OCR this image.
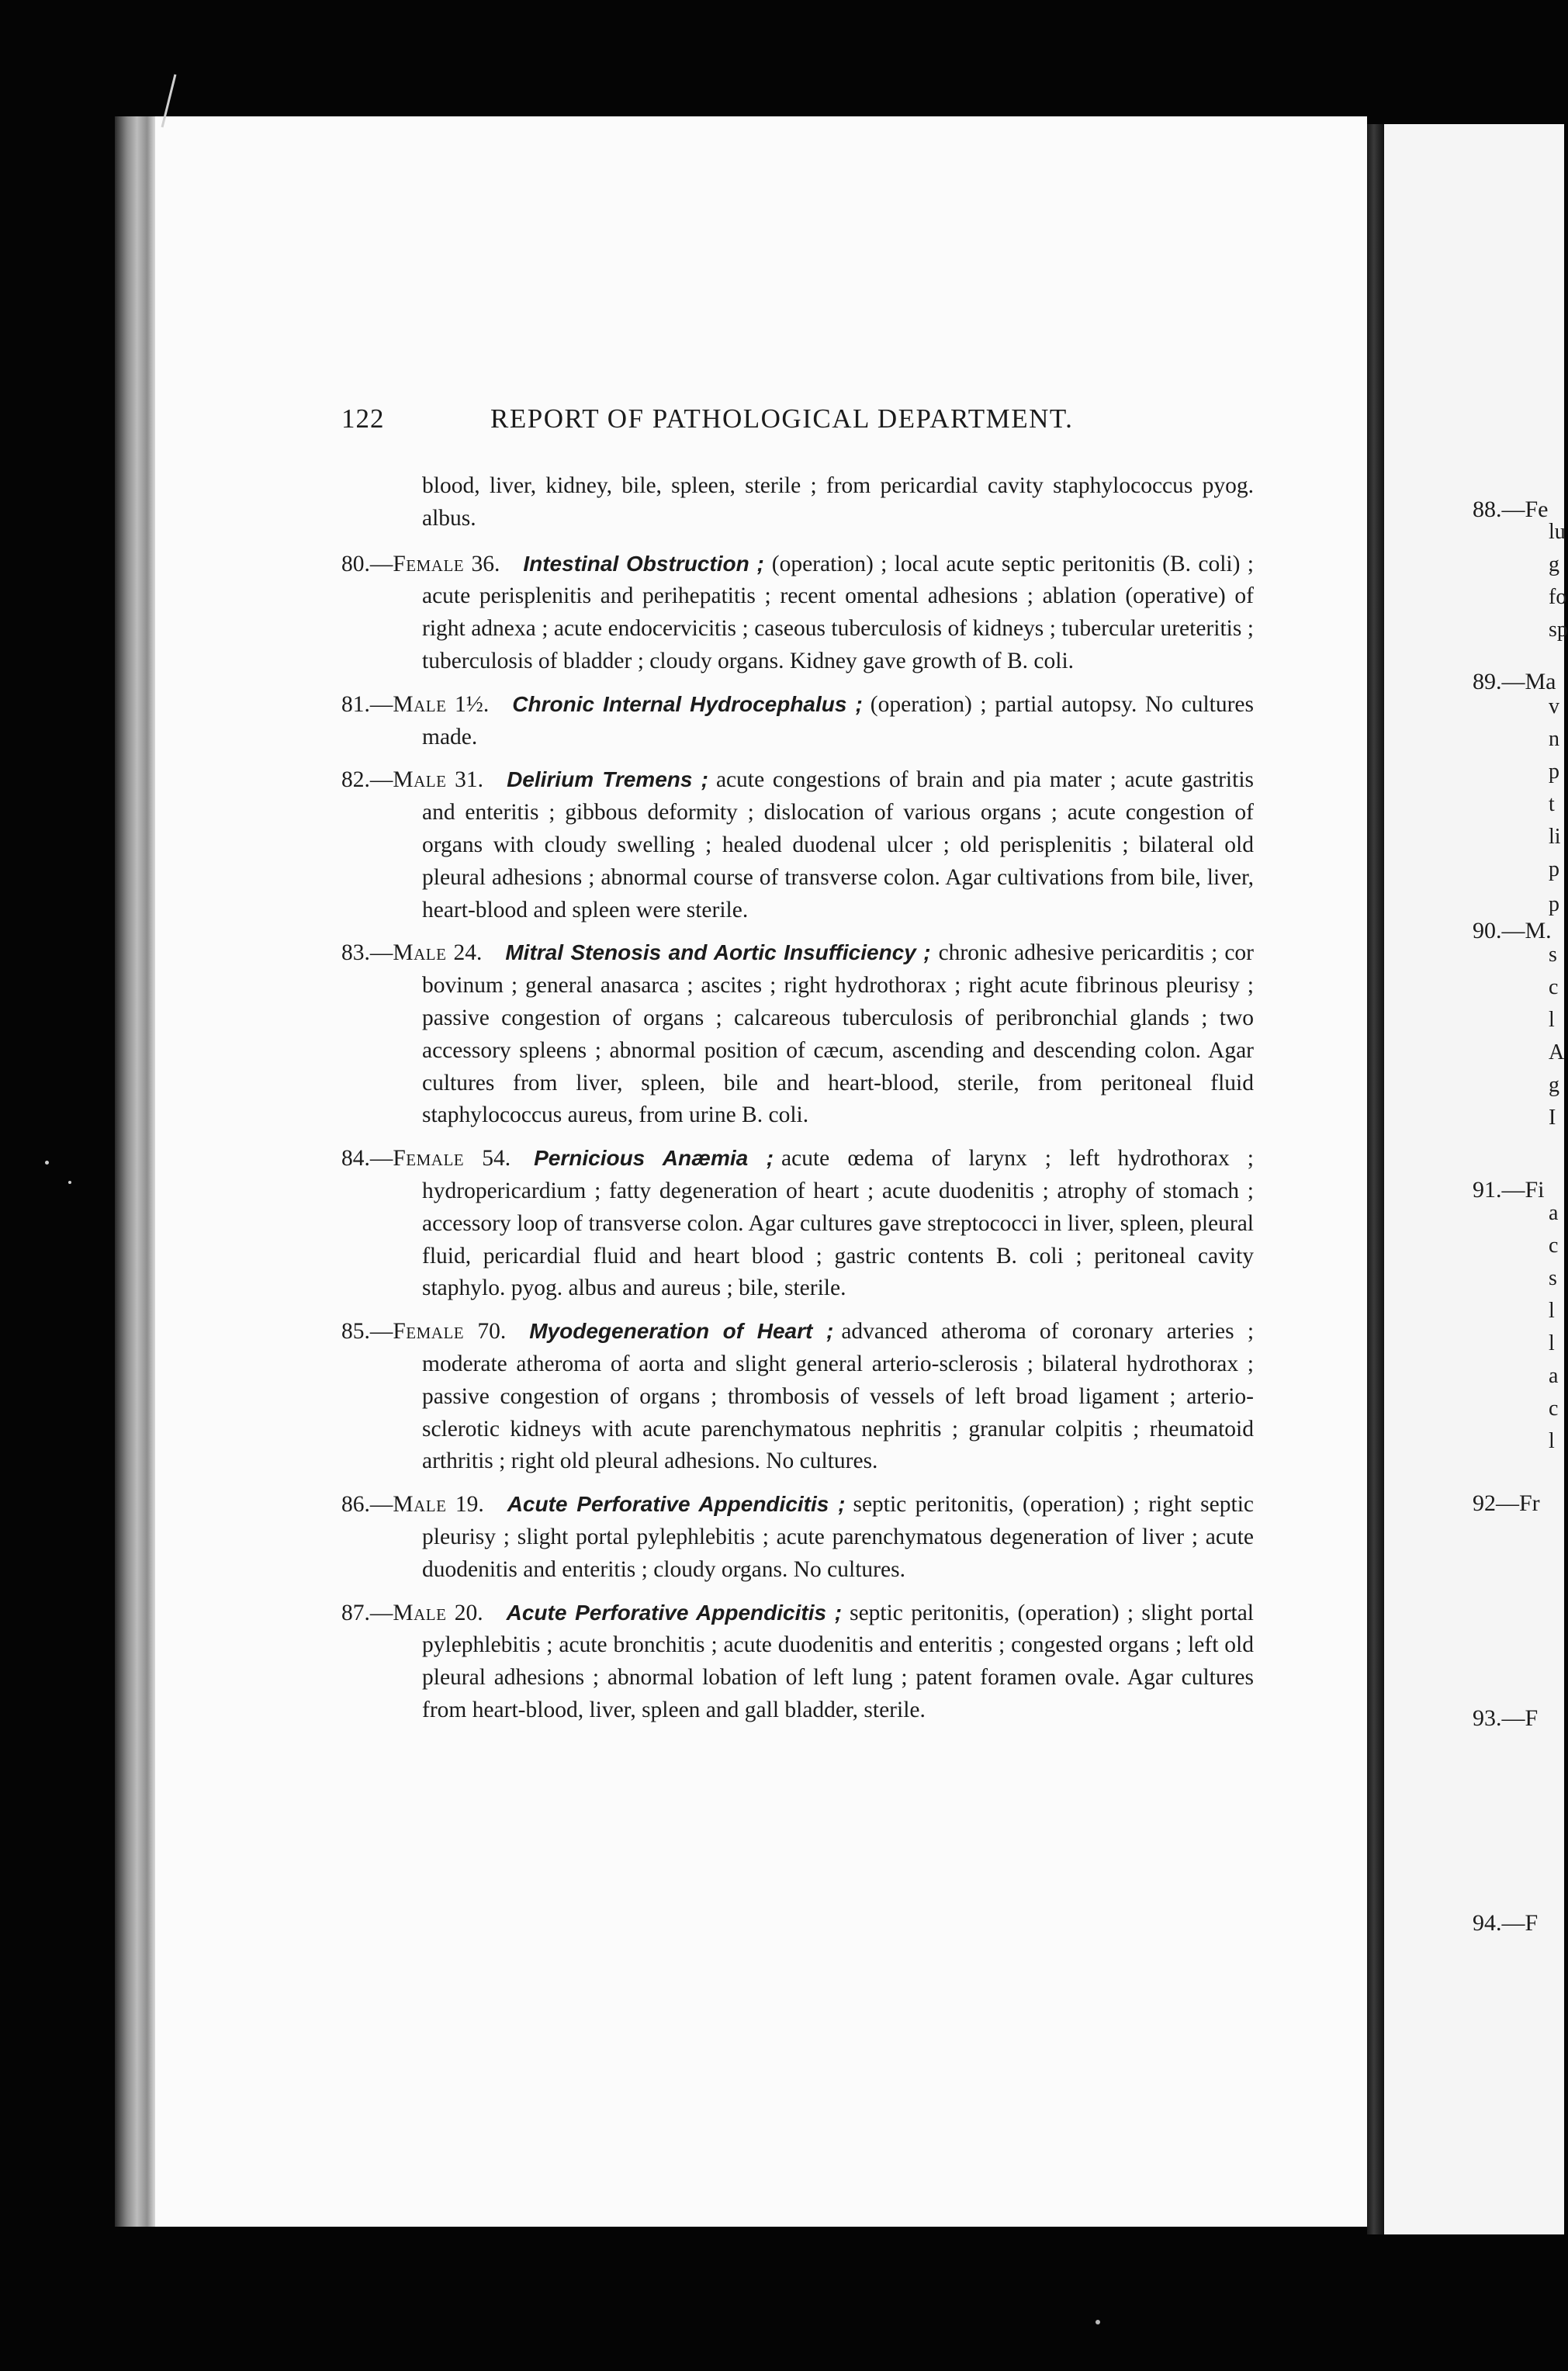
122	REPORT OF PATHOLOGICAL DEPARTMENT.

blood, liver, kidney, bile, spleen, sterile ; from pericardial cavity staphylococcus pyog. albus.

80.—Female 36. Intestinal Obstruction ; (operation) ; local acute septic peritonitis (B. coli) ; acute perisplenitis and perihepatitis ; recent omental adhesions ; ablation (operative) of right adnexa ; acute endocervicitis ; caseous tuberculosis of kidneys ; tubercular ureteritis ; tuberculosis of bladder ; cloudy organs. Kidney gave growth of B. coli.

81.—Male 1½. Chronic Internal Hydrocephalus ; (operation) ; partial autopsy. No cultures made.

82.—Male 31. Delirium Tremens ; acute congestions of brain and pia mater ; acute gastritis and enteritis ; gibbous deformity ; dislocation of various organs ; acute congestion of organs with cloudy swelling ; healed duodenal ulcer ; old perisplenitis ; bilateral old pleural adhesions ; abnormal course of transverse colon. Agar cultivations from bile, liver, heart-blood and spleen were sterile.

83.—Male 24. Mitral Stenosis and Aortic Insufficiency ; chronic adhesive pericarditis ; cor bovinum ; general anasarca ; ascites ; right hydrothorax ; right acute fibrinous pleurisy ; passive congestion of organs ; calcareous tuberculosis of peribronchial glands ; two accessory spleens ; abnormal position of cæcum, ascending and descending colon. Agar cultures from liver, spleen, bile and heart-blood, sterile, from peritoneal fluid staphylococcus aureus, from urine B. coli.

84.—Female 54. Pernicious Anæmia ; acute œdema of larynx ; left hydrothorax ; hydropericardium ; fatty degeneration of heart ; acute duodenitis ; atrophy of stomach ; accessory loop of transverse colon. Agar cultures gave streptococci in liver, spleen, pleural fluid, pericardial fluid and heart blood ; gastric contents B. coli ; peritoneal cavity staphylo. pyog. albus and aureus ; bile, sterile.

85.—Female 70. Myodegeneration of Heart ; advanced atheroma of coronary arteries ; moderate atheroma of aorta and slight general arterio-sclerosis ; bilateral hydrothorax ; passive congestion of organs ; thrombosis of vessels of left broad ligament ; arterio-sclerotic kidneys with acute parenchymatous nephritis ; granular colpitis ; rheumatoid arthritis ; right old pleural adhesions. No cultures.

86.—Male 19. Acute Perforative Appendicitis ; septic peritonitis, (operation) ; right septic pleurisy ; slight portal pylephlebitis ; acute parenchymatous degeneration of liver ; acute duodenitis and enteritis ; cloudy organs. No cultures.

87.—Male 20. Acute Perforative Appendicitis ; septic peritonitis, (operation) ; slight portal pylephlebitis ; acute bronchitis ; acute duodenitis and enteritis ; congested organs ; left old pleural adhesions ; abnormal lobation of left lung ; patent foramen ovale. Agar cultures from heart-blood, liver, spleen and gall bladder, sterile.

88.—Fe
89.—Ma
90.—M.
91.—Fi
92—Fr
93.—F
94.—F
lu
g
fo
sp
v
n
p
t
li
p
p
s
c
l
A
g
I
a
c
s
l
l
a
c
l
